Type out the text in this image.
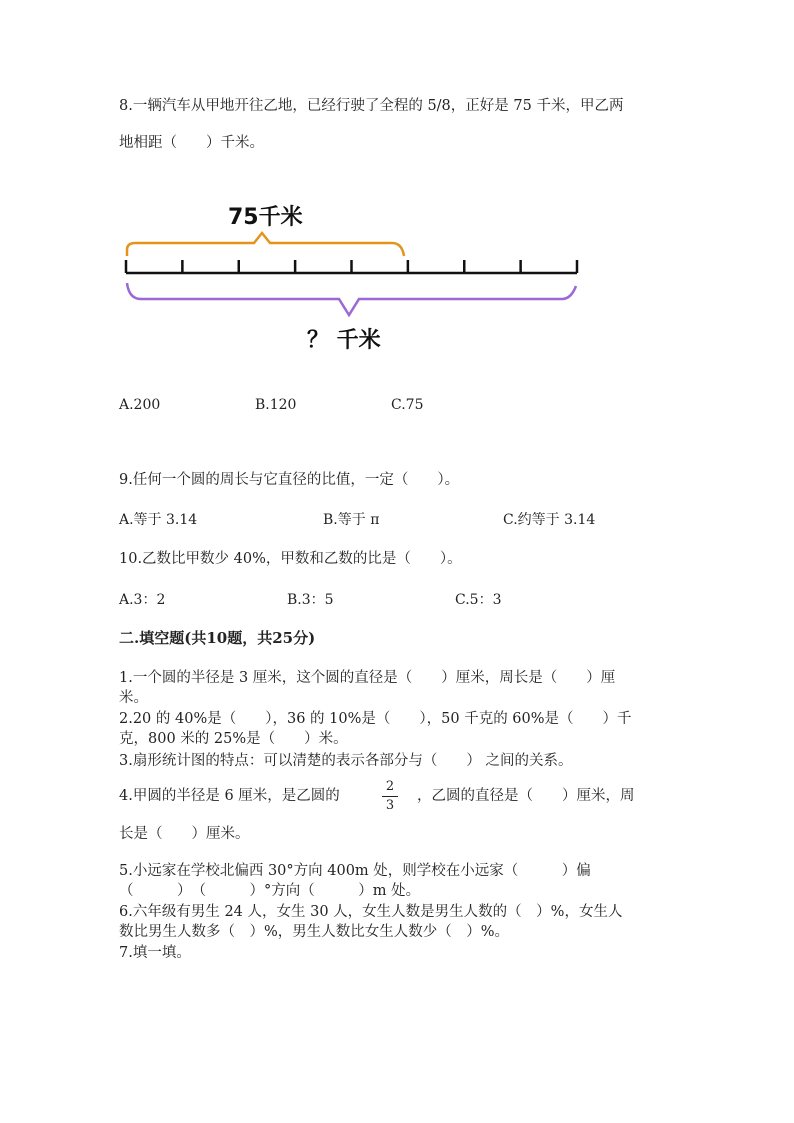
8.一辆汽车从甲地开往乙地，已经行驶了全程的 5/8，正好是 75 千米，甲乙两
地相距（　　）千米。
75千米
？ 千米
A.200	B.120	C.75
9.任何一个圆的周长与它直径的比值，一定（　　）。
A.等于 3.14	B.等于 π	C.约等于 3.14
10.乙数比甲数少 40%，甲数和乙数的比是（　　）。
A.3：2	B.3：5	C.5：3
二.填空题(共10题，共25分)
1.一个圆的半径是 3 厘米，这个圆的直径是（　　）厘米，周长是（　　）厘
米。
2.20 的 40%是（　　），36 的 10%是（　　），50 千克的 60%是（　　）千
克，800 米的 25%是（　　）米。
3.扇形统计图的特点：可以清楚的表示各部分与（　　） 之间的关系。
4.甲圆的半径是 6 厘米，是乙圆的
2
3
，乙圆的直径是（　　）厘米，周
长是（　　）厘米。
5.小远家在学校北偏西 30°方向 400m 处，则学校在小远家（　　　）偏
（　　　）　（　　　）°方向（　　　）m 处。
6.六年级有男生 24 人，女生 30 人，女生人数是男生人数的（　）%，女生人
数比男生人数多（　）%，男生人数比女生人数少（　）%。
7.填一填。
